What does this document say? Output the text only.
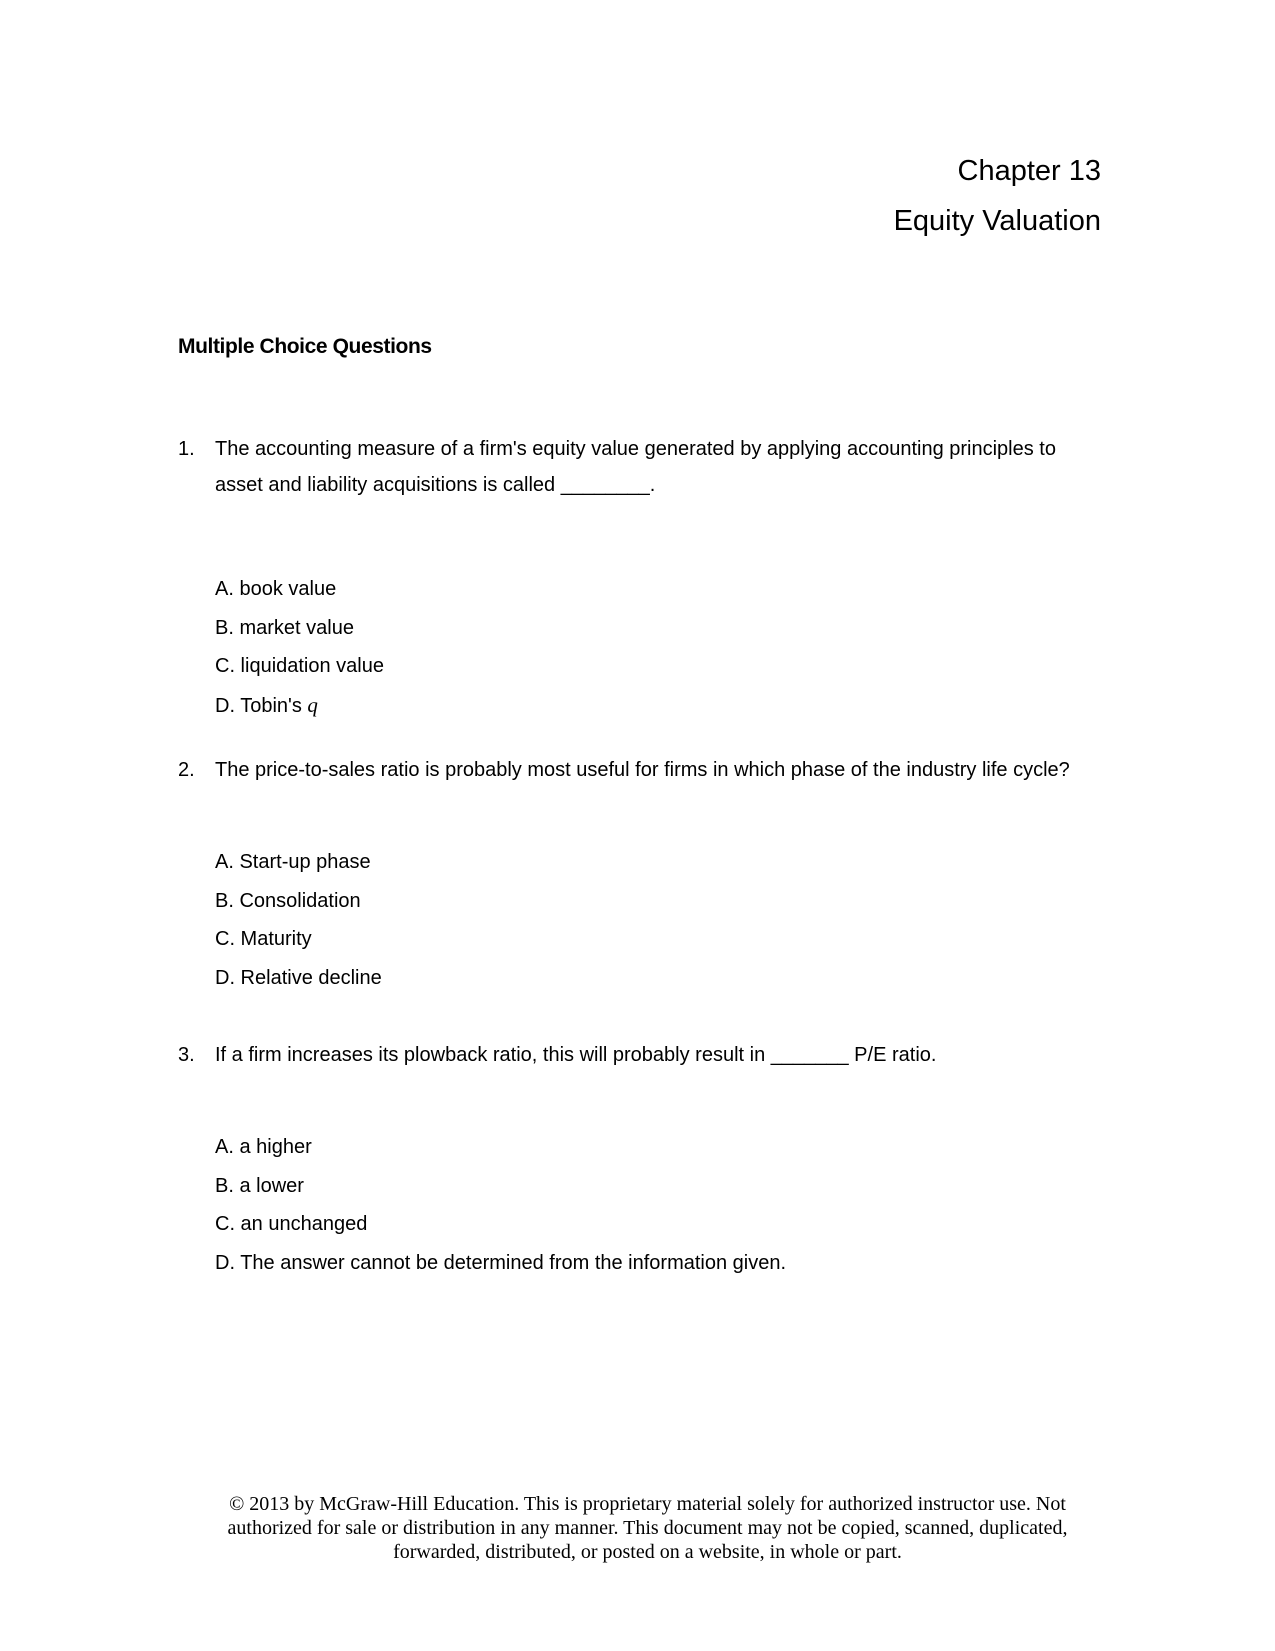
Chapter 13
Equity Valuation
Multiple Choice Questions
1.	The accounting measure of a firm's equity value generated by applying accounting principles to asset and liability acquisitions is called ________.
A. book value
B. market value
C. liquidation value
D. Tobin's q
2.	The price-to-sales ratio is probably most useful for firms in which phase of the industry life cycle?
A. Start-up phase
B. Consolidation
C. Maturity
D. Relative decline
3.	If a firm increases its plowback ratio, this will probably result in _______ P/E ratio.
A. a higher
B. a lower
C. an unchanged
D. The answer cannot be determined from the information given.
© 2013 by McGraw-Hill Education. This is proprietary material solely for authorized instructor use. Not
authorized for sale or distribution in any manner. This document may not be copied, scanned, duplicated,
forwarded, distributed, or posted on a website, in whole or part.
